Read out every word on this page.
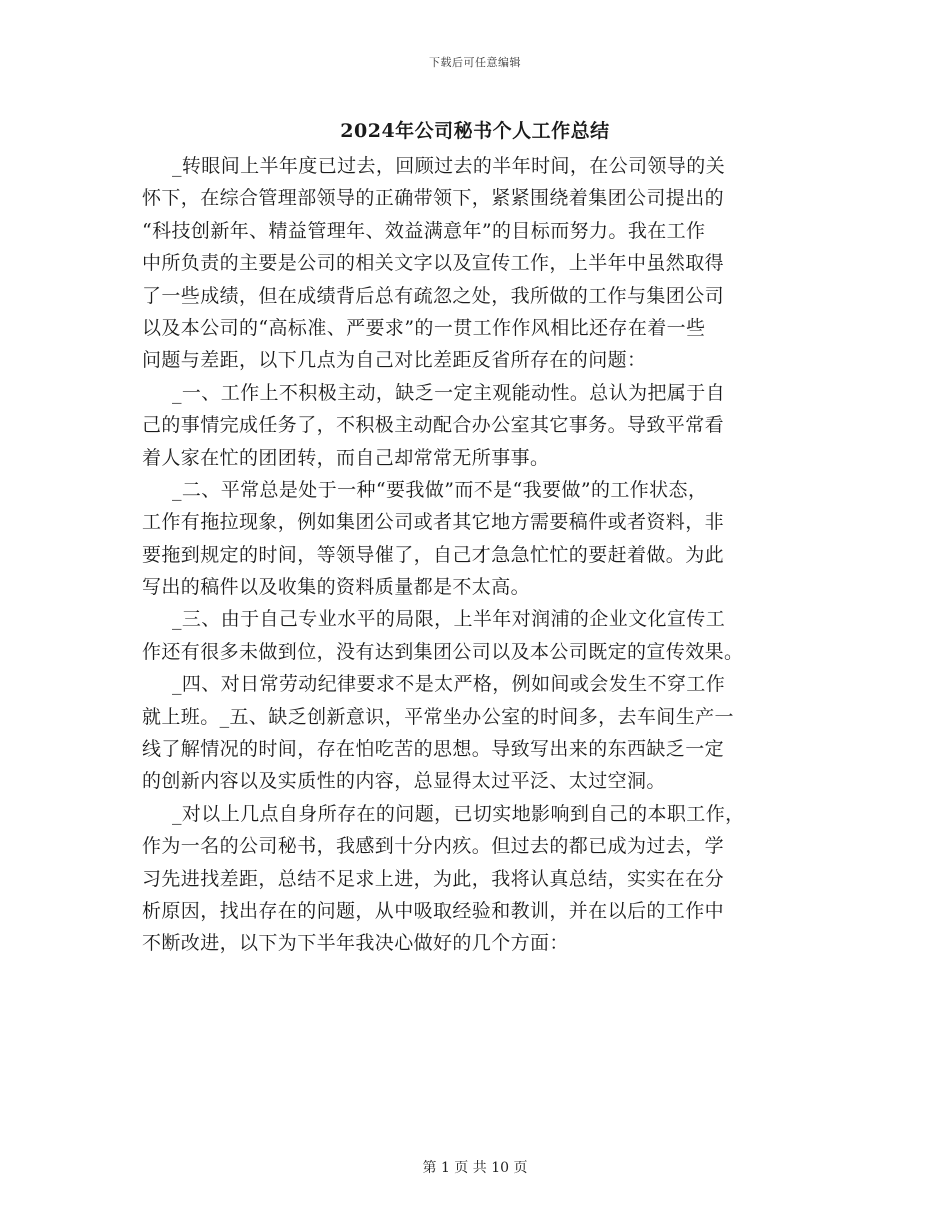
下载后可任意编辑
2024年公司秘书个人工作总结
_转眼间上半年度已过去，回顾过去的半年时间，在公司领导的关
怀下，在综合管理部领导的正确带领下，紧紧围绕着集团公司提出的
“科技创新年、精益管理年、效益满意年”的目标而努力。我在工作
中所负责的主要是公司的相关文字以及宣传工作，上半年中虽然取得
了一些成绩，但在成绩背后总有疏忽之处，我所做的工作与集团公司
以及本公司的“高标准、严要求”的一贯工作作风相比还存在着一些
问题与差距，以下几点为自己对比差距反省所存在的问题：
_一、工作上不积极主动，缺乏一定主观能动性。总认为把属于自
己的事情完成任务了，不积极主动配合办公室其它事务。导致平常看
着人家在忙的团团转，而自己却常常无所事事。
_二、平常总是处于一种“要我做”而不是“我要做”的工作状态，
工作有拖拉现象，例如集团公司或者其它地方需要稿件或者资料，非
要拖到规定的时间，等领导催了，自己才急急忙忙的要赶着做。为此
写出的稿件以及收集的资料质量都是不太高。
_三、由于自己专业水平的局限，上半年对润浦的企业文化宣传工
作还有很多未做到位，没有达到集团公司以及本公司既定的宣传效果。
_四、对日常劳动纪律要求不是太严格，例如间或会发生不穿工作
就上班。_五、缺乏创新意识，平常坐办公室的时间多，去车间生产一
线了解情况的时间，存在怕吃苦的思想。导致写出来的东西缺乏一定
的创新内容以及实质性的内容，总显得太过平泛、太过空洞。
_对以上几点自身所存在的问题，已切实地影响到自己的本职工作，
作为一名的公司秘书，我感到十分内疚。但过去的都已成为过去，学
习先进找差距，总结不足求上进，为此，我将认真总结，实实在在分
析原因，找出存在的问题，从中吸取经验和教训，并在以后的工作中
不断改进，以下为下半年我决心做好的几个方面：
第 1 页 共 10 页
